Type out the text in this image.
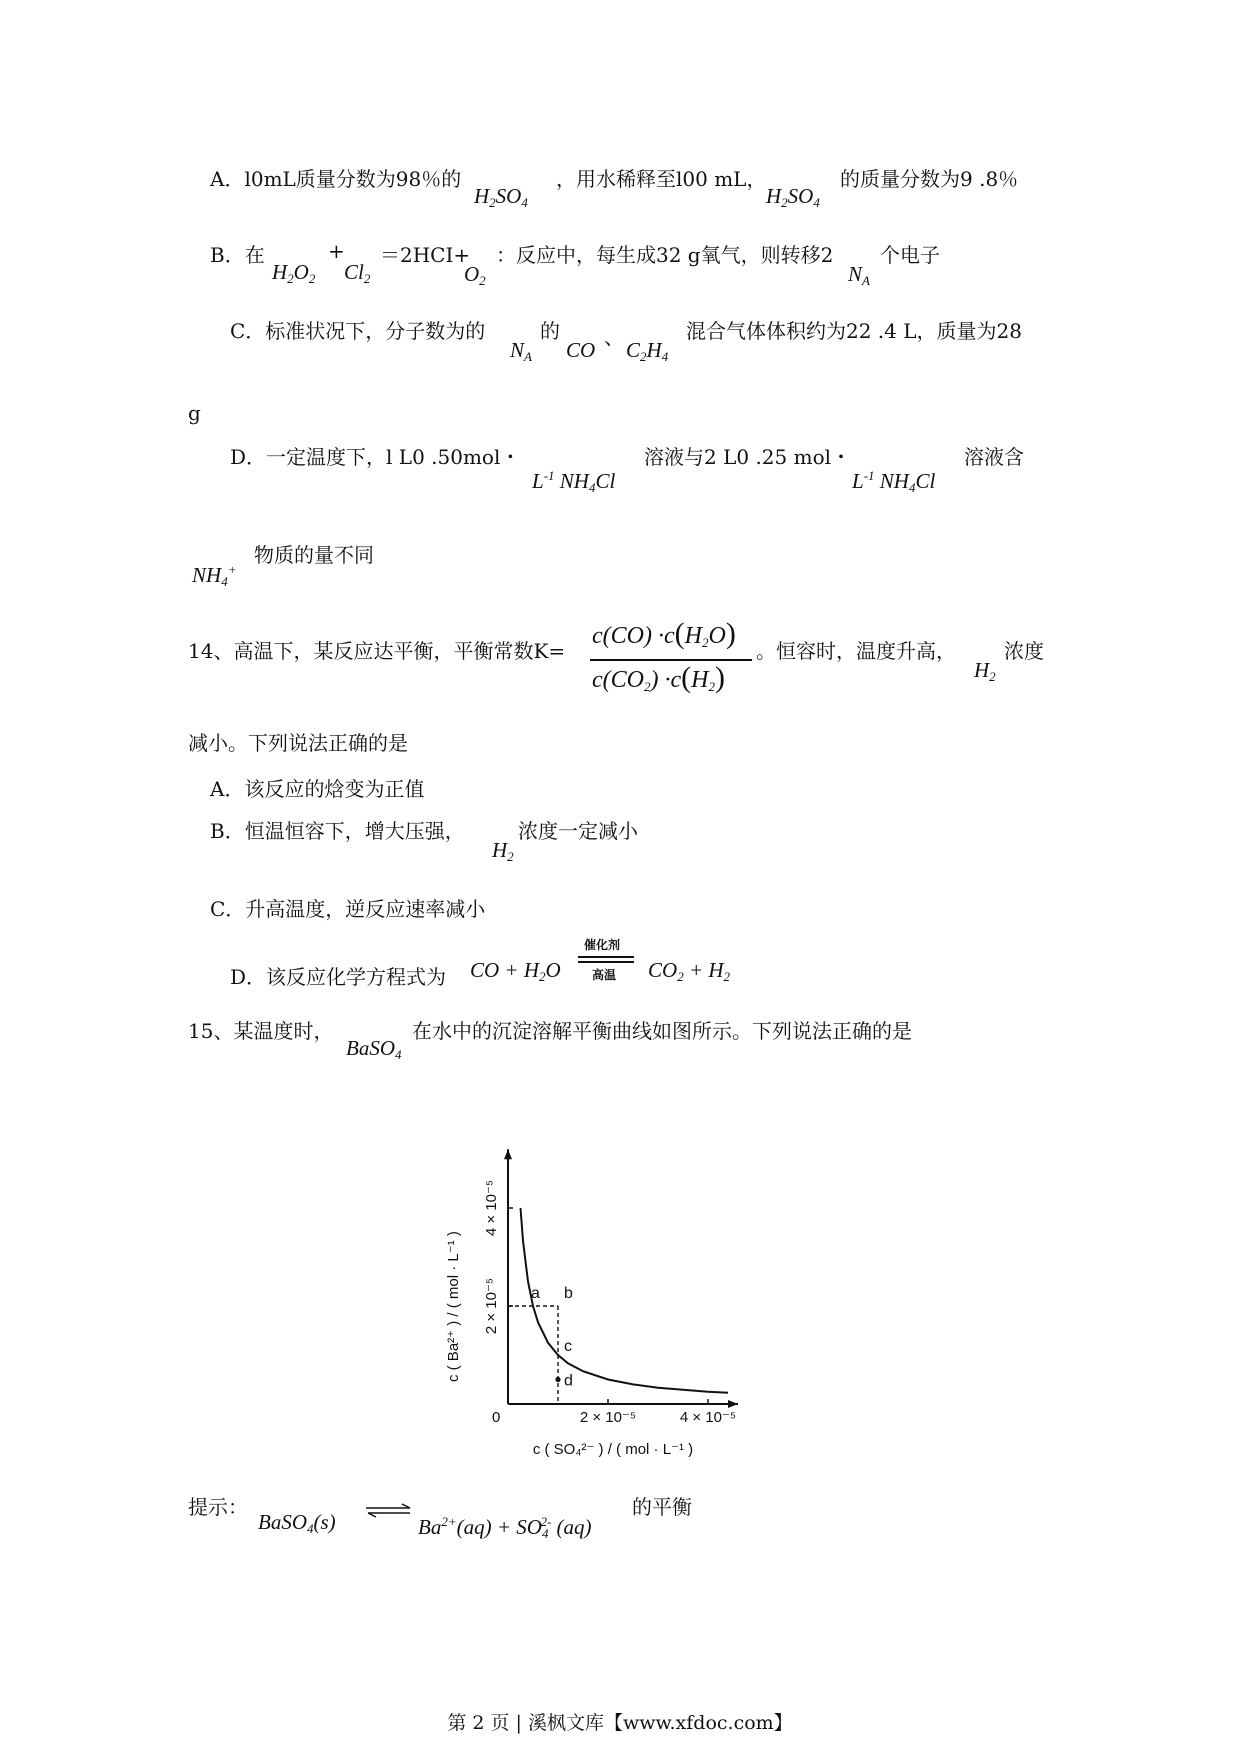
A．l0mL质量分数为98％的
$H_2SO_4$
，用水稀释至l00 mL，
$H_2SO_4$
的质量分数为9 .8％
B．在
$H_2O_2$
+
$Cl_2$
＝2HCI+
$O_2$
：反应中，每生成32 g氧气，则转移2
$N_A$
个电子
C．标准状况下，分子数为的
$N_A$
的
CO
、
$C_2H_4$
混合气体体积约为22 .4 L，质量为28
g
D．一定温度下，l L0 .50mol・
$L^{-1}$ $NH_4Cl$
溶液与2 L0 .25 mol・
$L^{-1}$ $NH_4Cl$
溶液含
$NH_4^+$
物质的量不同
14、高温下，某反应达平衡，平衡常数K=
$c(CO) \cdot c(H_2O)$
$c(CO_2) \cdot c(H_2)$
。恒容时，温度升高，
$H_2$
浓度
减小。下列说法正确的是
A．该反应的焓变为正值
B．恒温恒容下，增大压强，
$H_2$
浓度一定减小
C．升高温度，逆反应速率减小
D．该反应化学方程式为 CO + $H_2O$
催化剂
高温 $CO_2 + H_2$
15、某温度时，
BaSO$_4$
在水中的沉淀溶解平衡曲线如图所示。下列说法正确的是
a b
c
d
0	2 × 10⁻⁵	4 × 10⁻⁵
2 × 10⁻⁵
4 × 10⁻⁵
c ( SO₄²⁻ ) / ( mol · L⁻¹ )
c ( Ba²⁺ ) / ( mol · L⁻¹ )
提示：
BaSO$_4$(s)	$Ba^{2+}(aq) + SO_4^{2-}$ (aq)
的平衡
第 2 页 | 溪枫文库【www.xfdoc.com】
